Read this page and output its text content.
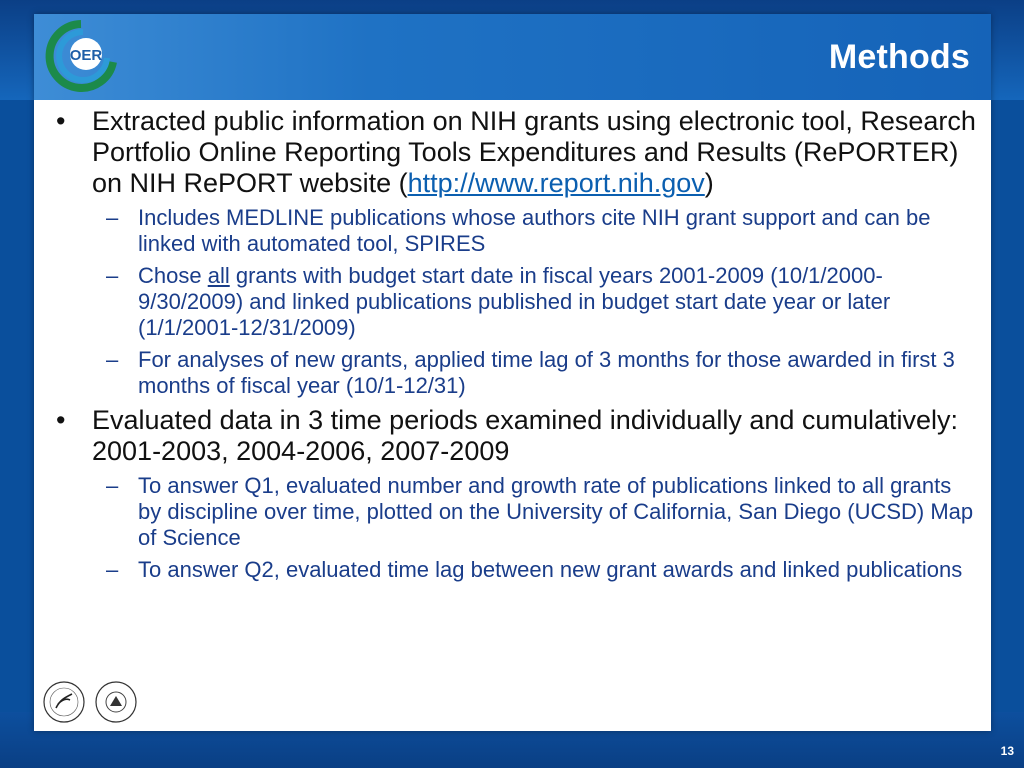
OER	Methods
• Extracted public information on NIH grants using electronic tool, Research Portfolio Online Reporting Tools Expenditures and Results (RePORTER) on NIH RePORT website (http://www.report.nih.gov)
– Includes MEDLINE publications whose authors cite NIH grant support and can be linked with automated tool, SPIRES
– Chose all grants with budget start date in fiscal years 2001-2009 (10/1/2000-9/30/2009) and linked publications published in budget start date year or later (1/1/2001-12/31/2009)
– For analyses of new grants, applied time lag of 3 months for those awarded in first 3 months of fiscal year (10/1-12/31)
• Evaluated data in 3 time periods examined individually and cumulatively: 2001-2003, 2004-2006, 2007-2009
– To answer Q1, evaluated number and growth rate of publications linked to all grants by discipline over time, plotted on the University of California, San Diego (UCSD) Map of Science
– To answer Q2, evaluated time lag between new grant awards and linked publications
13
